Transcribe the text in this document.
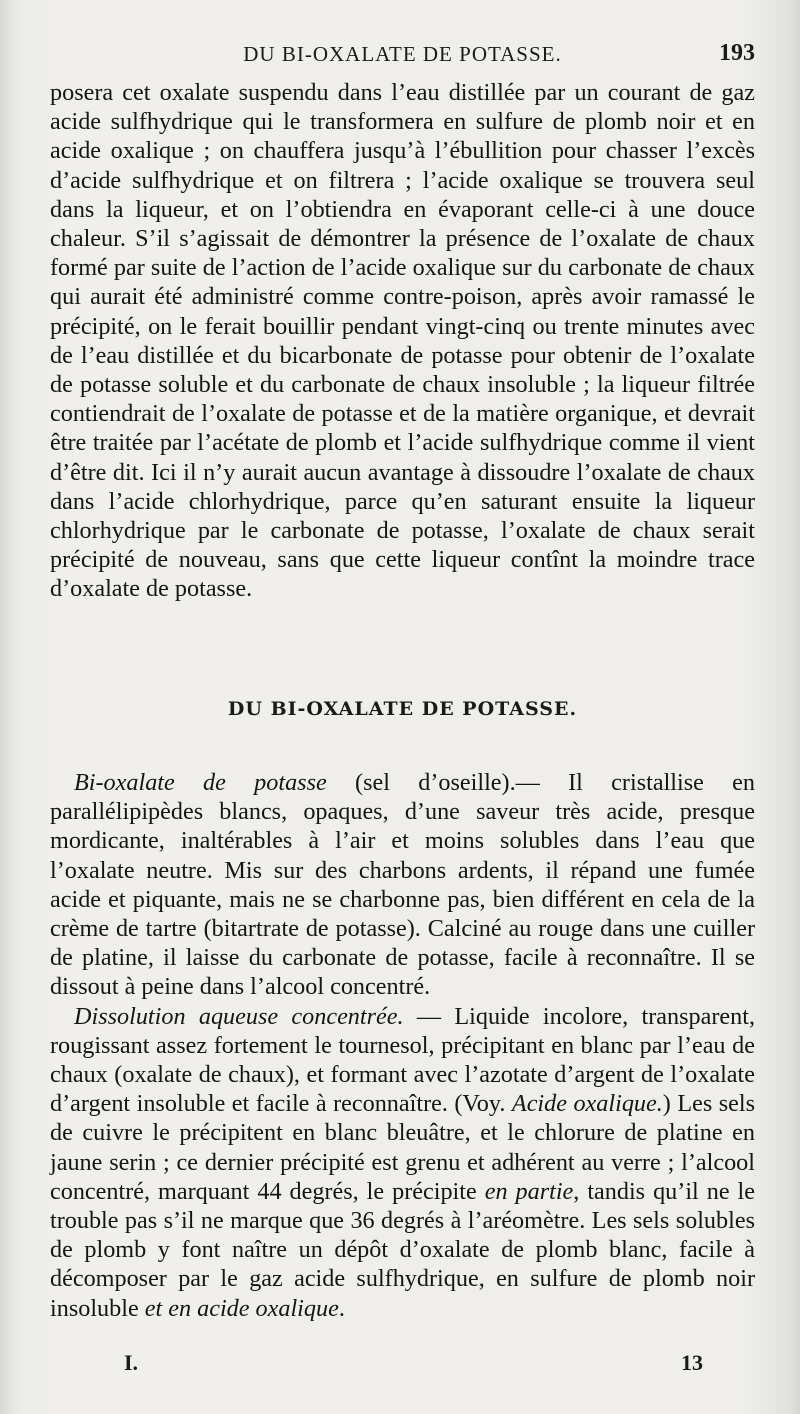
DU BI-OXALATE DE POTASSE.	193

posera cet oxalate suspendu dans l’eau distillée par un courant de gaz acide sulfhydrique qui le transformera en sulfure de plomb noir et en acide oxalique ; on chauffera jusqu’à l’ébullition pour chasser l’excès d’acide sulfhydrique et on filtrera ; l’acide oxalique se trouvera seul dans la liqueur, et on l’obtiendra en évaporant celle-ci à une douce chaleur. S’il s’agissait de démontrer la présence de l’oxalate de chaux formé par suite de l’action de l’acide oxalique sur du carbonate de chaux qui aurait été administré comme contre-poison, après avoir ramassé le précipité, on le ferait bouillir pendant vingt-cinq ou trente minutes avec de l’eau distillée et du bicarbonate de potasse pour obtenir de l’oxalate de potasse soluble et du carbonate de chaux insoluble ; la liqueur filtrée contiendrait de l’oxalate de potasse et de la matière organique, et devrait être traitée par l’acétate de plomb et l’acide sulfhydrique comme il vient d’être dit. Ici il n’y aurait aucun avantage à dissoudre l’oxalate de chaux dans l’acide chlorhydrique, parce qu’en saturant ensuite la liqueur chlorhydrique par le carbonate de potasse, l’oxalate de chaux serait précipité de nouveau, sans que cette liqueur contînt la moindre trace d’oxalate de potasse.

DU BI-OXALATE DE POTASSE.

Bi-oxalate de potasse (sel d’oseille).— Il cristallise en parallélipipèdes blancs, opaques, d’une saveur très acide, presque mordicante, inaltérables à l’air et moins solubles dans l’eau que l’oxalate neutre. Mis sur des charbons ardents, il répand une fumée acide et piquante, mais ne se charbonne pas, bien différent en cela de la crème de tartre (bitartrate de potasse). Calciné au rouge dans une cuiller de platine, il laisse du carbonate de potasse, facile à reconnaître. Il se dissout à peine dans l’alcool concentré.

Dissolution aqueuse concentrée. — Liquide incolore, transparent, rougissant assez fortement le tournesol, précipitant en blanc par l’eau de chaux (oxalate de chaux), et formant avec l’azotate d’argent de l’oxalate d’argent insoluble et facile à reconnaître. (Voy. Acide oxalique.) Les sels de cuivre le précipitent en blanc bleuâtre, et le chlorure de platine en jaune serin ; ce dernier précipité est grenu et adhérent au verre ; l’alcool concentré, marquant 44 degrés, le précipite en partie, tandis qu’il ne le trouble pas s’il ne marque que 36 degrés à l’aréomètre. Les sels solubles de plomb y font naître un dépôt d’oxalate de plomb blanc, facile à décomposer par le gaz acide sulfhydrique, en sulfure de plomb noir insoluble et en acide oxalique.

I.	13
